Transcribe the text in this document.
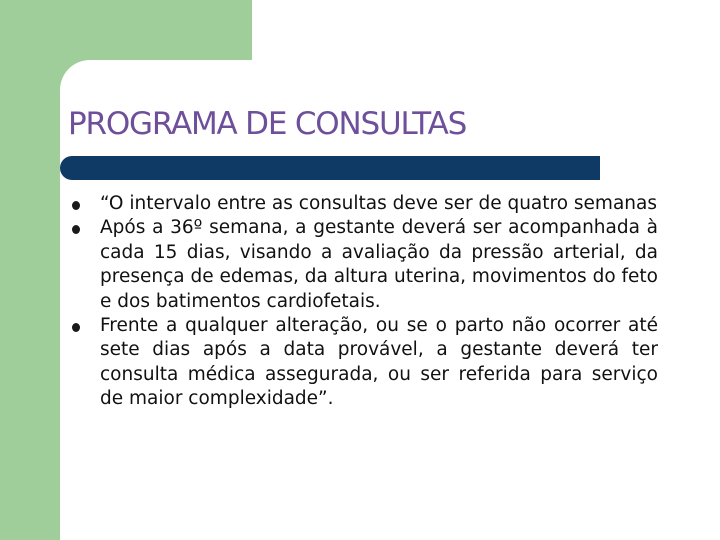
PROGRAMA DE CONSULTAS
“O intervalo entre as consultas deve ser de quatro semanas
Após a 36º semana, a gestante deverá ser acompanhada à cada 15 dias, visando a avaliação da pressão arterial, da presença de edemas, da altura uterina, movimentos do feto e dos batimentos cardiofetais.
Frente a qualquer alteração, ou se o parto não ocorrer até sete dias após a data provável, a gestante deverá ter consulta médica assegurada, ou ser referida para serviço de maior complexidade”.
